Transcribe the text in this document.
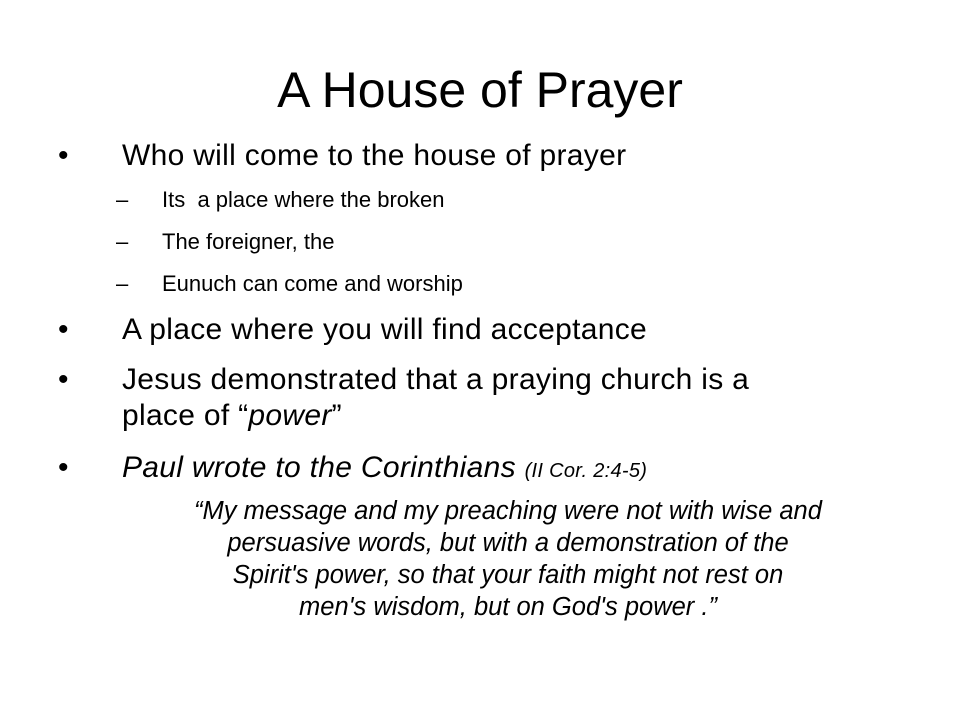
A House of Prayer
• Who will come to the house of prayer
– Its  a place where the broken
– The foreigner, the
– Eunuch can come and worship
• A place where you will find acceptance
• Jesus demonstrated that a praying church is a
place of “power”
• Paul wrote to the Corinthians (II Cor. 2:4-5)
“My message and my preaching were not with wise and
persuasive words, but with a demonstration of the
Spirit's power, so that your faith might not rest on
men's wisdom, but on God's power .”
